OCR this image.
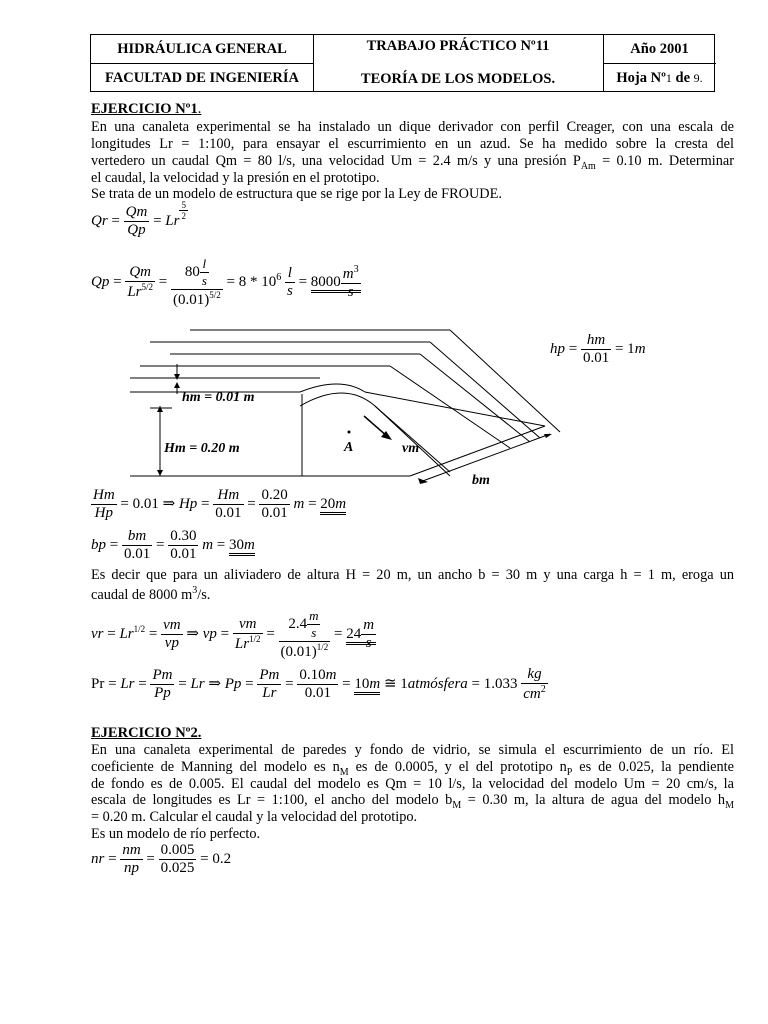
HIDRÁULICA GENERAL
FACULTAD DE INGENIERÍA
TRABAJO PRÁCTICO Nº11
TEORÍA DE LOS MODELOS.
Año 2001
Hoja Nº 1
de
9.
EJERCICIO Nº1.
En una canaleta experimental se ha instalado un dique derivador con perfil Creager, con una escala de
longitudes Lr = 1:100, para ensayar el escurrimiento en un azud. Se ha medido sobre la cresta del
vertedero un caudal Qm = 80 l/s, una velocidad Um = 2.4 m/s y una presión $P_{Am} = 0.10$ m. Determinar
el caudal, la velocidad y la presión en el prototipo.
Se trata de un modelo de estructura que se rige por la Ley de FROUDE.
$Qr = \frac{Qm}{Qp} = Lr \frac{5}{2}$
$Qp = \frac{Qm}{Lr^{5/2}} = \frac{80 \frac{l}{s}}{(0.01)^{5/2}} = 8 * 10^6 \frac{l}{s} = 8000 \frac{m^3}{s}$
hm = 0.01 m
Hm = 0.20 m	A	vm
bm
hp = $\frac{hm}{0.01} = 1m$
$\frac{Hm}{Hp} = 0.01$ ⇒ $Hp = \frac{Hm}{0.01} = \frac{0.20}{0.01}$ m = 20m
bp = $\frac{bm}{0.01} = \frac{0.30}{0.01}$ m = 30m
Es decir que para un aliviadero de altura H = 20 m, un ancho b = 30 m y una carga h = 1 m, eroga un
caudal de 8000 $m^3/s$.
vr = $Lr^{1/2} = \frac{vm}{vp}$ ⇒ vp = $\frac{vm}{Lr^{1/2}} = \frac{2.4 \frac{m}{s}}{(0.01)^{1/2}} = 24 \frac{m}{s}$
$Pr = Lr = \frac{Pm}{Pp} = Lr$ ⇒ $Pp = \frac{Pm}{Lr} = \frac{0.10m}{0.01} = 10m$ ≅ 1atmósfera = $1.033 \frac{kg}{cm^2}$
EJERCICIO Nº2.
En una canaleta experimental de paredes y fondo de vidrio, se simula el escurrimiento de un río. El
coeficiente de Manning del modelo es $n_M$ es de 0.0005, y el del prototipo $n_P$ es de 0.025, la pendiente
de fondo es de 0.005. El caudal del modelo es Qm = 10 l/s, la velocidad del modelo Um = 20 cm/s, la
escala de longitudes es Lr = 1:100, el ancho del modelo $b_M = 0.30$ m, la altura de agua del modelo $h_M$
= 0.20 m. Calcular el caudal y la velocidad del prototipo.
Es un modelo de río perfecto.
nr = $\frac{nm}{np} = \frac{0.005}{0.025} = 0.2$
